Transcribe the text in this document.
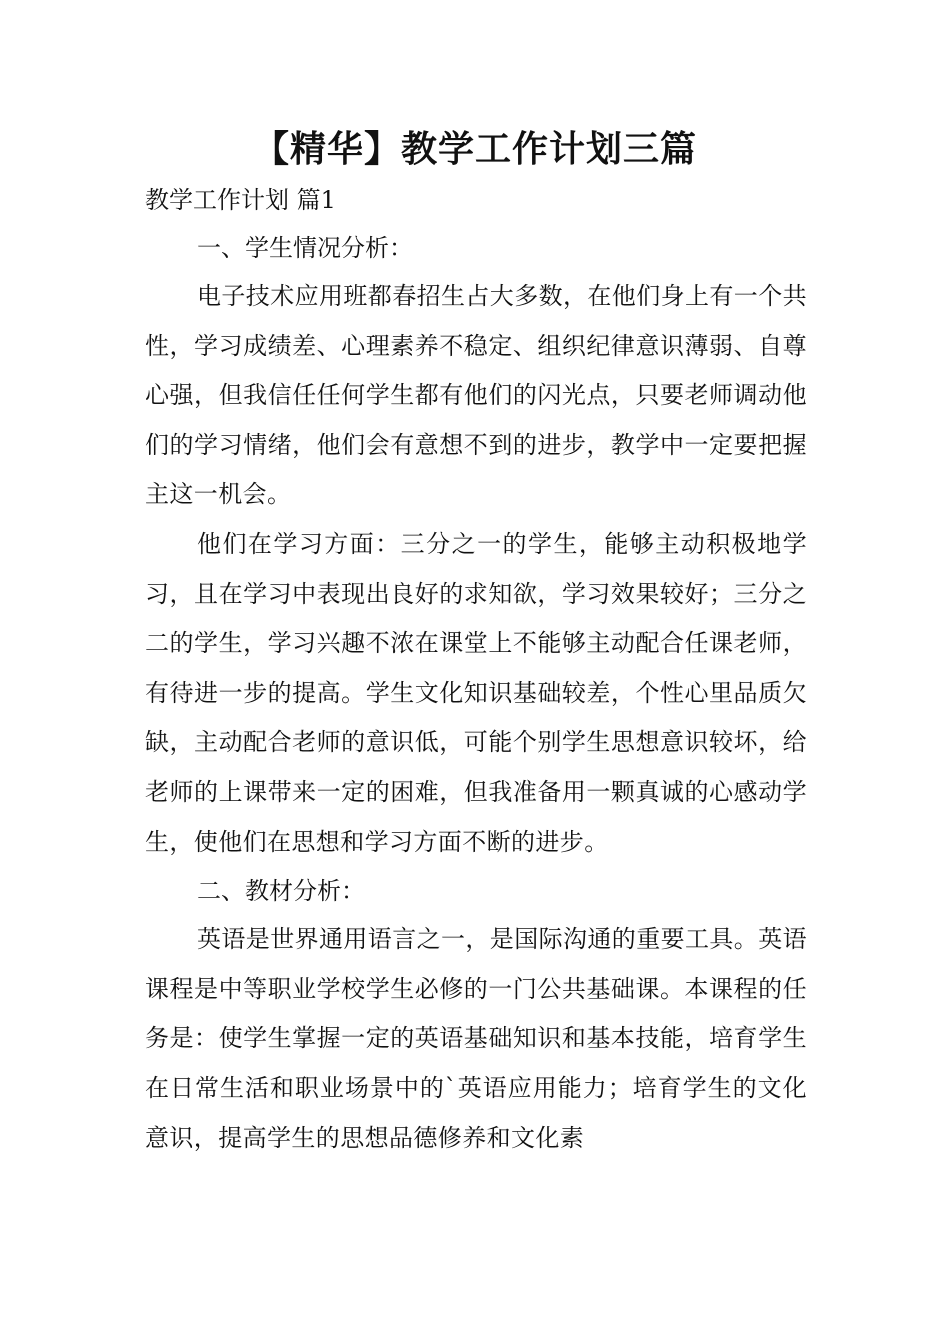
【精华】教学工作计划三篇

教学工作计划 篇1

一、学生情况分析：

电子技术应用班都春招生占大多数，在他们身上有一个共性，学习成绩差、心理素养不稳定、组织纪律意识薄弱、自尊心强，但我信任任何学生都有他们的闪光点，只要老师调动他们的学习情绪，他们会有意想不到的进步，教学中一定要把握主这一机会。

他们在学习方面：三分之一的学生，能够主动积极地学习，且在学习中表现出良好的求知欲，学习效果较好；三分之二的学生，学习兴趣不浓在课堂上不能够主动配合任课老师，有待进一步的提高。学生文化知识基础较差，个性心里品质欠缺，主动配合老师的意识低，可能个别学生思想意识较坏，给老师的上课带来一定的困难，但我准备用一颗真诚的心感动学生，使他们在思想和学习方面不断的进步。

二、教材分析：

英语是世界通用语言之一，是国际沟通的重要工具。英语课程是中等职业学校学生必修的一门公共基础课。本课程的任务是：使学生掌握一定的英语基础知识和基本技能，培育学生在日常生活和职业场景中的`英语应用能力；培育学生的文化意识，提高学生的思想品德修养和文化素
